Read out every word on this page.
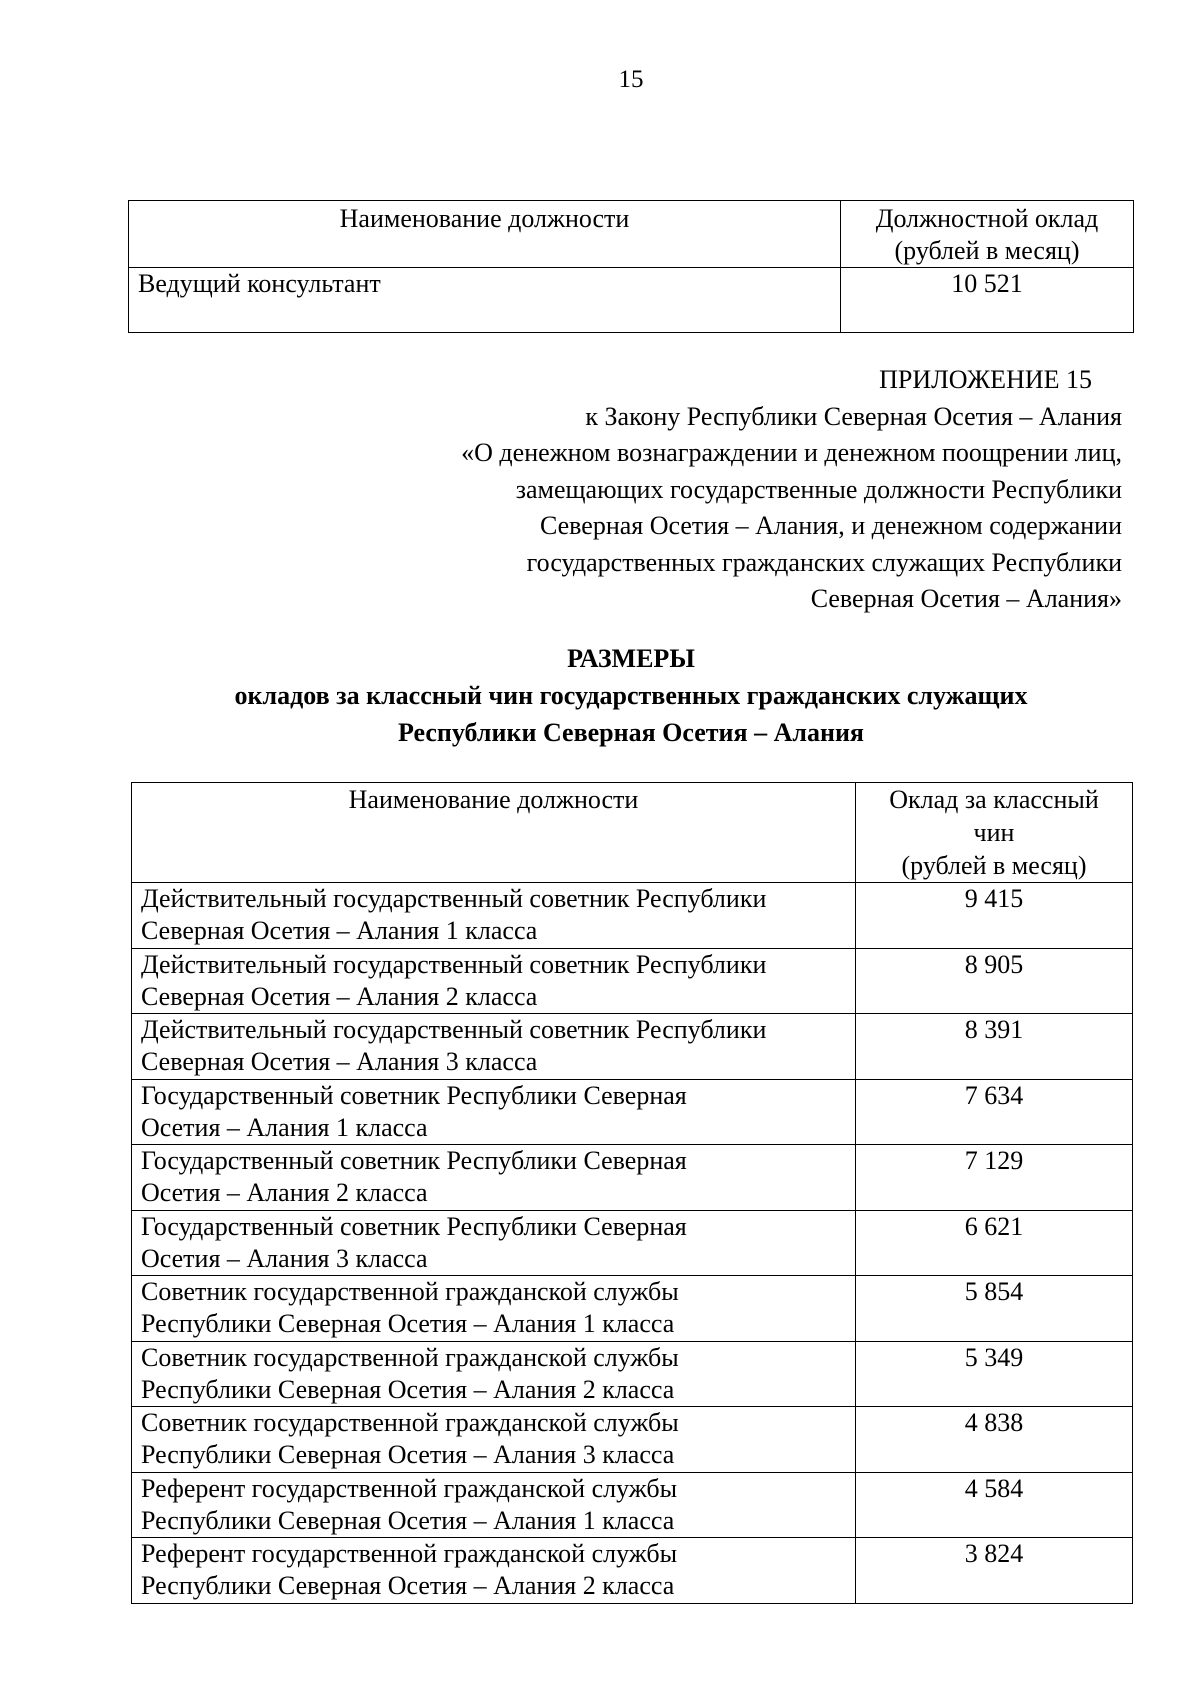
15
Наименование должности	Должностной оклад
(рублей в месяц)

Ведущий консультант	10 521
ПРИЛОЖЕНИЕ 15
к Закону Республики Северная Осетия – Алания
«О денежном вознаграждении и денежном поощрении лиц,
замещающих государственные должности Республики
Северная Осетия – Алания, и денежном содержании
государственных гражданских служащих Республики
Северная Осетия – Алания»
РАЗМЕРЫ
окладов за классный чин государственных гражданских служащих
Республики Северная Осетия – Алания
Наименование должности	Оклад за классный
чин
(рублей в месяц)

Действительный государственный советник Республики
Северная Осетия – Алания 1 класса	9 415

Действительный государственный советник Республики
Северная Осетия – Алания 2 класса	8 905

Действительный государственный советник Республики
Северная Осетия – Алания 3 класса	8 391

Государственный советник Республики Северная
Осетия – Алания 1 класса	7 634

Государственный советник Республики Северная
Осетия – Алания 2 класса	7 129

Государственный советник Республики Северная
Осетия – Алания 3 класса	6 621

Советник государственной гражданской службы
Республики Северная Осетия – Алания 1 класса	5 854

Советник государственной гражданской службы
Республики Северная Осетия – Алания 2 класса	5 349

Советник государственной гражданской службы
Республики Северная Осетия – Алания 3 класса	4 838

Референт государственной гражданской службы
Республики Северная Осетия – Алания 1 класса	4 584

Референт государственной гражданской службы
Республики Северная Осетия – Алания 2 класса	3 824
